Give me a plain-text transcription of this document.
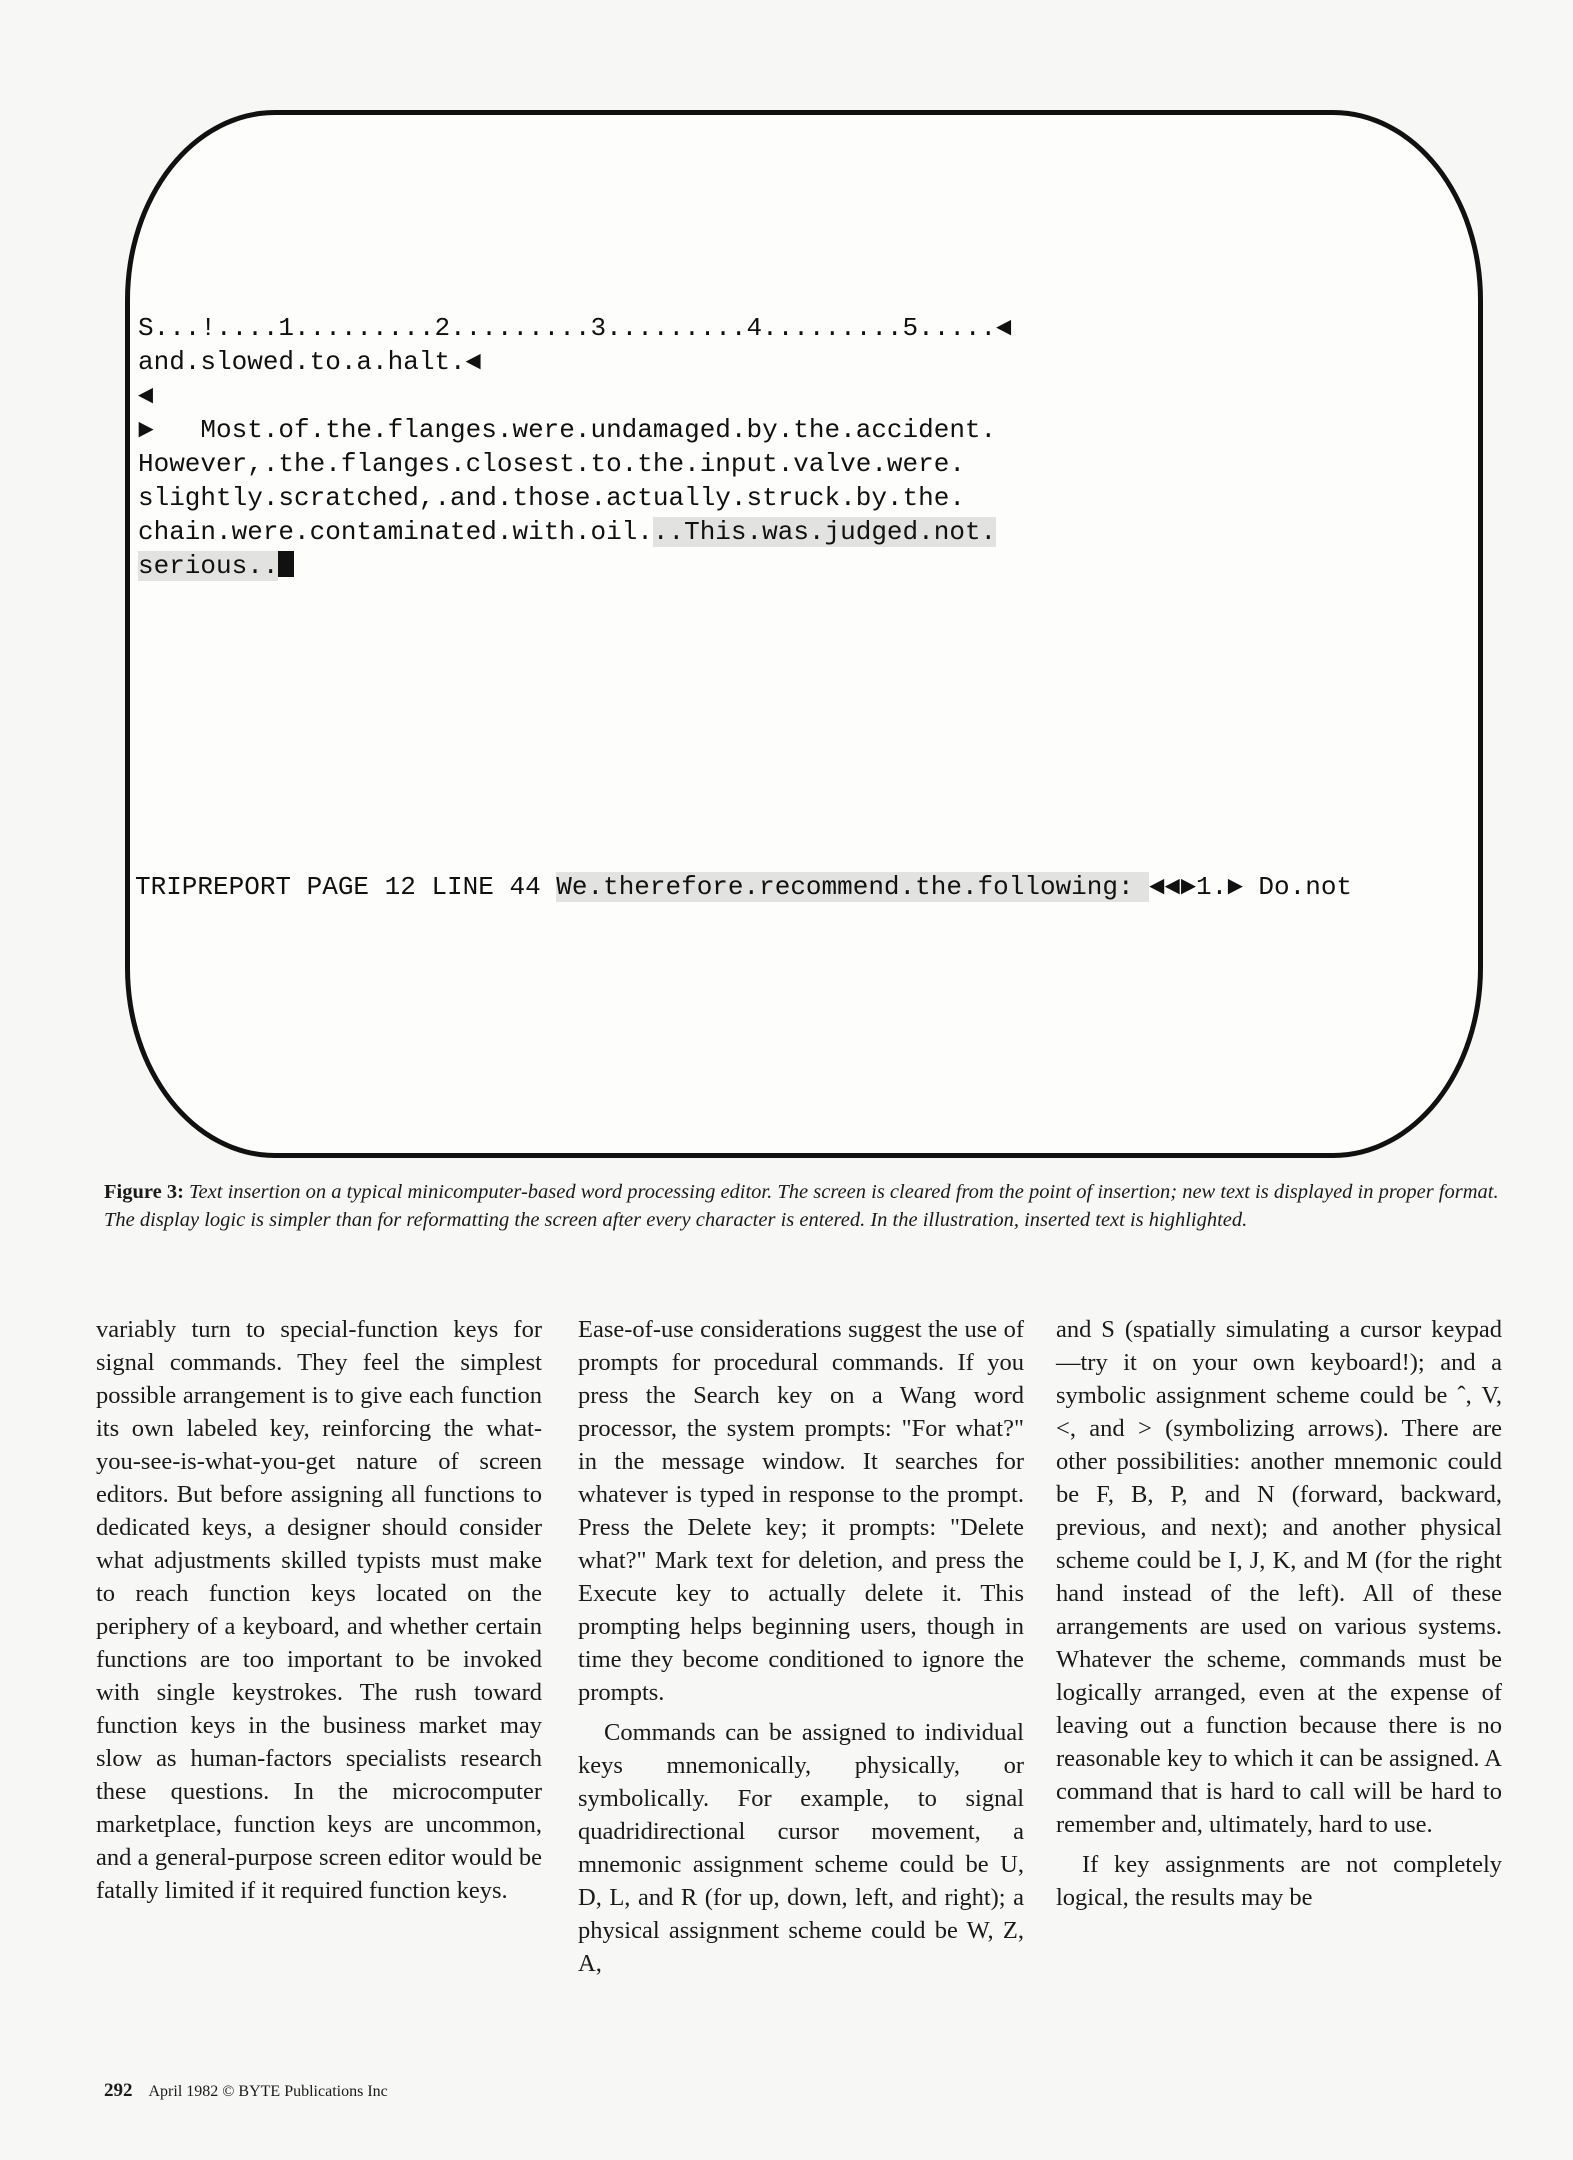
S...!....1.........2.........3.........4.........5.....◄
and.slowed.to.a.halt.◄
◄
►   Most.of.the.flanges.were.undamaged.by.the.accident.
However,.the.flanges.closest.to.the.input.valve.were.
slightly.scratched,.and.those.actually.struck.by.the.
chain.were.contaminated.with.oil...This.was.judged.not.
serious..
TRIPREPORT PAGE 12 LINE 44 We.therefore.recommend.the.following: ◄◄►1.► Do.not
Figure 3: Text insertion on a typical minicomputer-based word processing editor. The screen is cleared from the point of insertion; new text is displayed in proper format. The display logic is simpler than for reformatting the screen after every character is entered. In the illustration, inserted text is highlighted.

variably turn to special-function keys for signal commands. They feel the simplest possible arrangement is to give each function its own labeled key, reinforcing the what-you-see-is-what-you-get nature of screen editors. But before assigning all functions to dedicated keys, a designer should consider what adjustments skilled typists must make to reach function keys located on the periphery of a keyboard, and whether certain functions are too important to be invoked with single keystrokes. The rush toward function keys in the business market may slow as human-factors specialists research these questions. In the microcomputer marketplace, function keys are uncommon, and a general-purpose screen editor would be fatally limited if it required function keys.

Ease-of-use considerations suggest the use of prompts for procedural commands. If you press the Search key on a Wang word processor, the system prompts: "For what?" in the message window. It searches for whatever is typed in response to the prompt. Press the Delete key; it prompts: "Delete what?" Mark text for deletion, and press the Execute key to actually delete it. This prompting helps beginning users, though in time they become conditioned to ignore the prompts.

Commands can be assigned to individual keys mnemonically, physically, or symbolically. For example, to signal quadridirectional cursor movement, a mnemonic assignment scheme could be U, D, L, and R (for up, down, left, and right); a physical assignment scheme could be W, Z, A,

and S (spatially simulating a cursor keypad—try it on your own keyboard!); and a symbolic assignment scheme could be ˆ, V, <, and > (symbolizing arrows). There are other possibilities: another mnemonic could be F, B, P, and N (forward, backward, previous, and next); and another physical scheme could be I, J, K, and M (for the right hand instead of the left). All of these arrangements are used on various systems. Whatever the scheme, commands must be logically arranged, even at the expense of leaving out a function because there is no reasonable key to which it can be assigned. A command that is hard to call will be hard to remember and, ultimately, hard to use.

If key assignments are not completely logical, the results may be

292 April 1982 © BYTE Publications Inc
